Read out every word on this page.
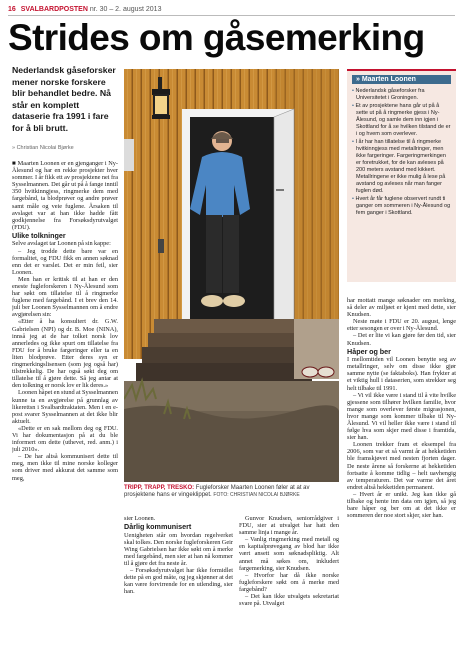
16 SVALBARDPOSTEN nr. 30 – 2. august 2013
Strides om gåsemerking
Nederlandsk gåseforsker mener norske forskere blir behandlet bedre. Nå står en komplett dataserie fra 1991 i fare for å bli brutt.
» Christian Nicolai Bjørke

■ Maarten Loonen er en gjenganger i Ny-Ålesund og har en rekke prosjekter hver sommer. I år fikk ett av prosjektene nei fra Sysselmannen. Det går ut på å fange inntil 350 hvitkinngjess, ringmerke dem med fargebånd, ta blodprøver og andre prøver samt måle og veie fuglene. Årsaken til avslaget var at han ikke hadde fått godkjennelse fra Forsøksdyrutvalget (FDU).

Ulike tolkninger

Selve avslaget tar Loonen på sin kappe:

– Jeg trodde dette bare var en formalitet, og FDU fikk en annen søknad enn det er varslet. Det er min feil, sier Loonen.

Men han er kritisk til at han er den eneste fugleforskeren i Ny-Ålesund som har søkt om tillatelse til å ringmerke fuglene med fargebånd. I et brev den 14. juli ber Loonen Sysselmannen om å endre avgjørelsen sin:

«Etter å ha konsultert dr. G.W. Gabrielsen (NPI) og dr. B. Moe (NINA), innså jeg at de har tolket norsk lov annerledes og ikke spurt om tillatelse fra FDU for å bruke fargeringer eller ta en liten blodprøve. Etter deres syn er ringmerkingslisensen (som jeg også har) tilstrekkelig. De har også søkt deg om tillatelse til å gjøre dette. Så jeg antar at den tolkning er norsk lov er lik deres.»

Loonen håpet en stund at Sysselmannen kunne ta en avgjørelse på grunnlag av likerettsn i Svalbardtraktaten. Men i en e-post svarer Sysselmannen at det ikke blir aktuelt.

«Dette er en sak mellom deg og FDU. Vi har dokumentasjon på at du ble informert om dette (uthevet, red. anm.) i juli 2010».

– De har altså kommunisert dette til meg, men ikke til mine norske kolleger som driver med akkurat det samme som meg,

TRIPP, TRAPP, TRESKO: Fugleforsker Maarten Loonen føler at at av prosjektene hans er vingeklippet. FOTO: CHRISTIAN NICOLAI BJØRKE

sier Loonen.

Dårlig kommunisert

Uenigheten står om hvordan regelverket skal tolkes. Den norske fugleforskeren Geir Wing Gabrielsen har ikke søkt om å merke med fargebånd, men sier at han nå kommer til å gjøre det fra neste år.

– Forsøksdyrutvalget har ikke formidlet dette på en god måte, og jeg skjønner at det kan være forvirrende for en utlending, sier han.

Gunvor Knudsen, seniorrådgiver i FDU, sier at utvalget har hatt den samme linja i mange år.

– Vanlig ringmerking med metall og en kapitalprøvegang av blod har ikke vært ansett som søknadspliktig. Alt annet må søkes om, inkludert fargemerking, sier Knudsen.

– Hvorfor har då ikke norske fugleforskere søkt om å merke med fargebånd?

– Det kan ikke utvalgets sekretariat svare på. Utvalget

» Maarten Loonen
• Nederlandsk gåseforsker fra Universitetet i Groningen.
• Et av prosjektene hans går ut på å sette ut på å ringmerke gjess i Ny-Ålesund, og samle dem inn igjen i Skottland for å se hvilken tilstand de er i og hvem som overlever.
• I år har han tillatelse til å ringmerke hvitkinngjess med metallringer, men ikke fargeringer. Fargeringmerkingen er foretrukket, for de kan avleses på 200 meters avstand med kikkert. Metallringene er ikke mulig å lese på avstand og avleses når man fanger fuglen død.
• Hvert år får fuglene observert rundt ti ganger om sommeren i Ny-Ålesund og fem ganger i Skottland.

har mottatt mange søknader om merking, så deler av miljøet er kjent med dette, sier Knudsen.

Neste møte i FDU er 20. august, lenge etter sesongen er over i Ny-Ålesund.

– Det er lite vi kan gjøre før den tid, sier Knudsen.

Håper og ber

I mellomtiden vil Loonen benytte seg av metallringer, selv om disse ikke gjør samme nytte (se faktaboks). Han frykter at et viktig hull i dataserien, som strekker seg helt tilbake til 1991.

– Vi vil ikke være i stand til å vite hvilke gjessene som tilhører hvilken familie, hvor mange som overlever første migrasjonen, hvor mange som kommer tilbake til Ny-Ålesund. Vi vil heller ikke være i stand til følge hva som skjer med disse i framtida, sier han.

Loonen trekker fram et eksempel fra 2006, som var et så varmt år at hekketiden ble framskjøvet med nesten fjorten dager. De neste årene så forskerne at hekketiden fortsatte å komme tidlig – helt uavhengig av temperaturen. Det var varme det året endret altså hekketiden permanent.

– Hvert år er unikt. Jeg kan ikke gå tilbake og hente inn data om igjen, så jeg bare håper og ber om at det ikke er sommeren der noe stort skjer, sier han.
